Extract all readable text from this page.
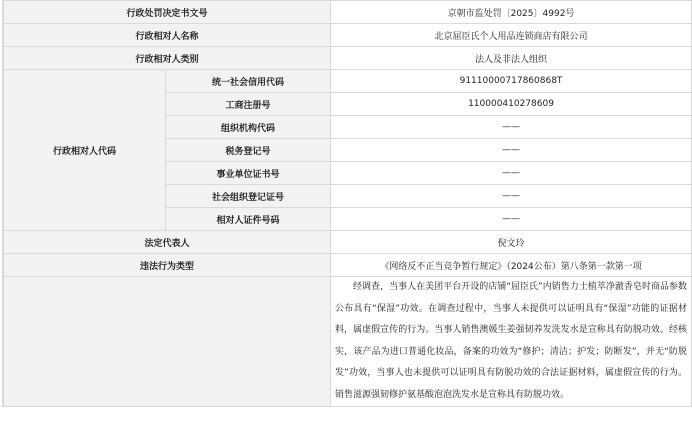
行政处罚决定书文号		京朝市监处罚〔2025〕4992号
行政相对人名称		北京屈臣氏个人用品连锁商店有限公司
行政相对人类别		法人及非法人组织
行政相对人代码	统一社会信用代码	9111000071786086​8T
	工商注册号	110000410278609
	组织机构代码	——
	税务登记号	——
	事业单位证书号	——
	社会组织登记证号	——
	相对人证件号码	——
法定代表人		倪文玲
违法行为类型		《网络反不正当竞争暂行规定》（2024公布）第八条第一款第一项

		经调查，当事人在美团平台开设的店铺“屈臣氏”内销售力士植萃净澈香皂时商品参数公布具有“保湿”功效。在调查过程中，当事人未提供可以证明具有“保湿”功能的证据材料，属虚假宣传的行为。当事人销售澳媛生姜强韧养发洗发水是宣称具有防脱功效。经核实，该产品为进口普通化妆品，备案的功效为“修护；清洁；护发；防断发”，并无“防脱发”功效，当事人也未提供可以证明具有防脱功效的合法证据材料，属虚假宣传的行为。销售滋源强韧修护氨基酸泡泡洗发水是宣称具有防脱功效。
